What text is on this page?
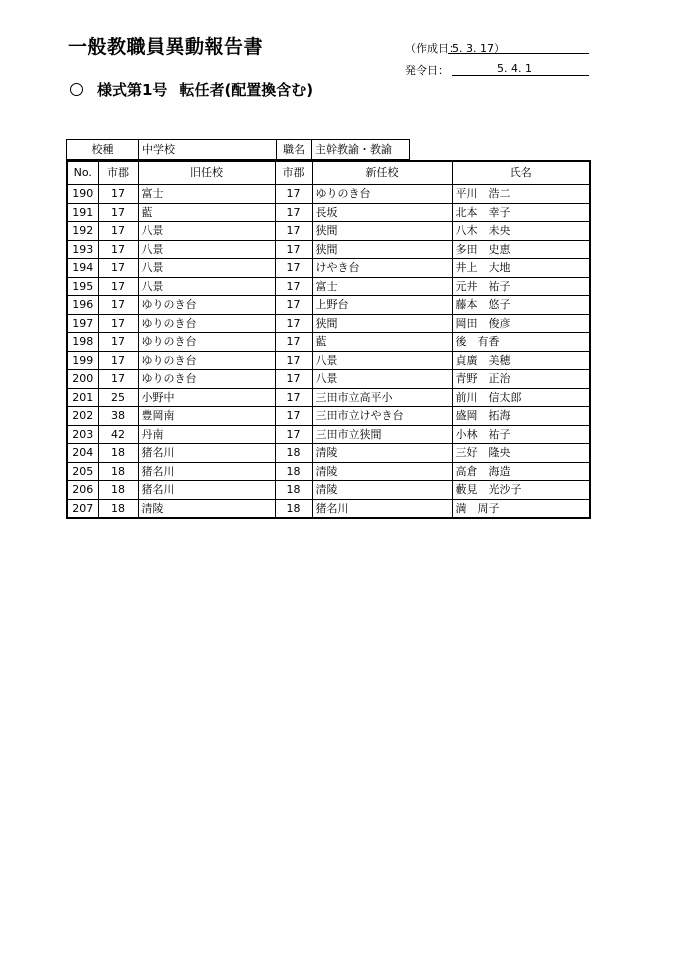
一般教職員異動報告書	（作成日：
5. 3. 17）
発令日：	5. 4. 1
様式第1号 転任者(配置換含む)
校種	中学校	職名	主幹教諭・教諭
No.	市郡	旧任校	市郡	新任校	氏名
190	17	富士	17	ゆりのき台	平川　浩二
191	17	藍	17	長坂	北本　幸子
192	17	八景	17	狭間	八木　未央
193	17	八景	17	狭間	多田　史恵
194	17	八景	17	けやき台	井上　大地
195	17	八景	17	富士	元井　祐子
196	17	ゆりのき台	17	上野台	藤本　悠子
197	17	ゆりのき台	17	狭間	岡田　俊彦
198	17	ゆりのき台	17	藍	後　有香
199	17	ゆりのき台	17	八景	貞廣　美穂
200	17	ゆりのき台	17	八景	青野　正治
201	25	小野中	17	三田市立高平小	前川　信太郎
202	38	豊岡南	17	三田市立けやき台	盛岡　拓海
203	42	丹南	17	三田市立狭間	小林　祐子
204	18	猪名川	18	清陵	三好　隆央
205	18	猪名川	18	清陵	高倉　海造
206	18	猪名川	18	清陵	藪見　光沙子
207	18	清陵	18	猪名川	満　周子
